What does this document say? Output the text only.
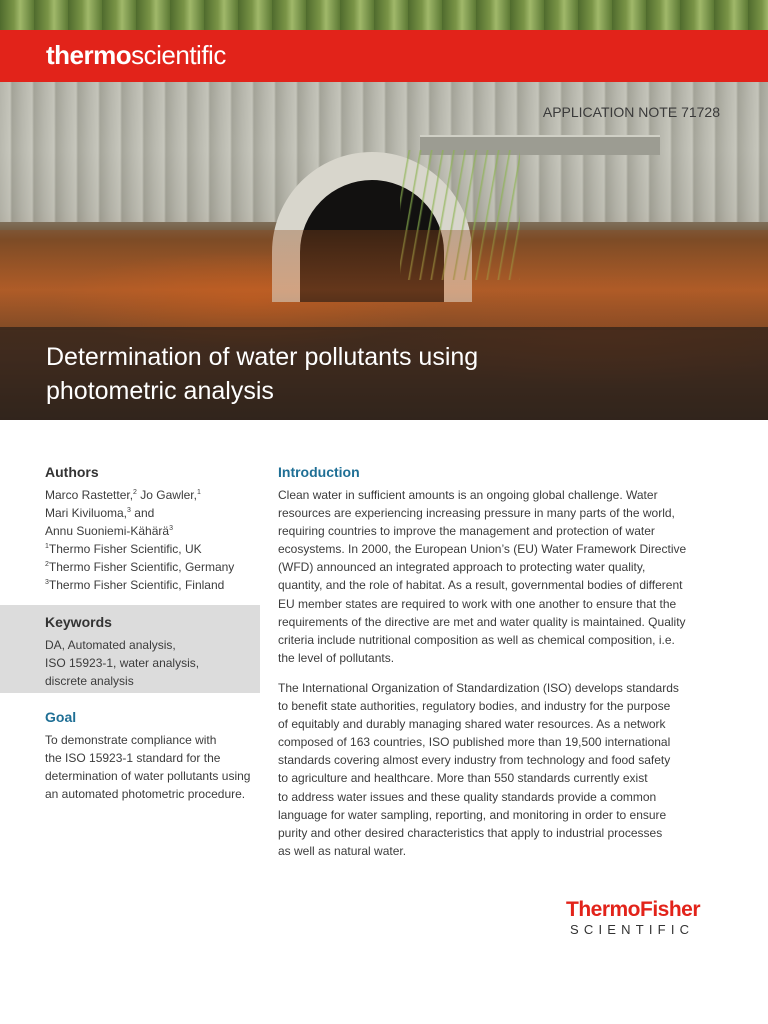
thermoscientific
APPLICATION NOTE 71728
Determination of water pollutants using
photometric analysis
Authors
Marco Rastetter,$^2$ Jo Gawler,$^1$
Mari Kiviluoma,$^3$ and
Annu Suoniemi-Kähärä$^3$
$^1$Thermo Fisher Scientific, UK
$^2$Thermo Fisher Scientific, Germany
$^3$Thermo Fisher Scientific, Finland
Keywords
DA, Automated analysis,
ISO 15923-1, water analysis,
discrete analysis
Goal
To demonstrate compliance with
the ISO 15923-1 standard for the
determination of water pollutants using
an automated photometric procedure.
Introduction
Clean water in sufficient amounts is an ongoing global challenge. Water
resources are experiencing increasing pressure in many parts of the world,
requiring countries to improve the management and protection of water
ecosystems. In 2000, the European Union’s (EU) Water Framework Directive
(WFD) announced an integrated approach to protecting water quality,
quantity, and the role of habitat. As a result, governmental bodies of different
EU member states are required to work with one another to ensure that the
requirements of the directive are met and water quality is maintained. Quality
criteria include nutritional composition as well as chemical composition, i.e.
the level of pollutants.
The International Organization of Standardization (ISO) develops standards
to benefit state authorities, regulatory bodies, and industry for the purpose
of equitably and durably managing shared water resources. As a network
composed of 163 countries, ISO published more than 19,500 international
standards covering almost every industry from technology and food safety
to agriculture and healthcare. More than 550 standards currently exist
to address water issues and these quality standards provide a common
language for water sampling, reporting, and monitoring in order to ensure
purity and other desired characteristics that apply to industrial processes
as well as natural water.
ThermoFisher
SCIENTIFIC
